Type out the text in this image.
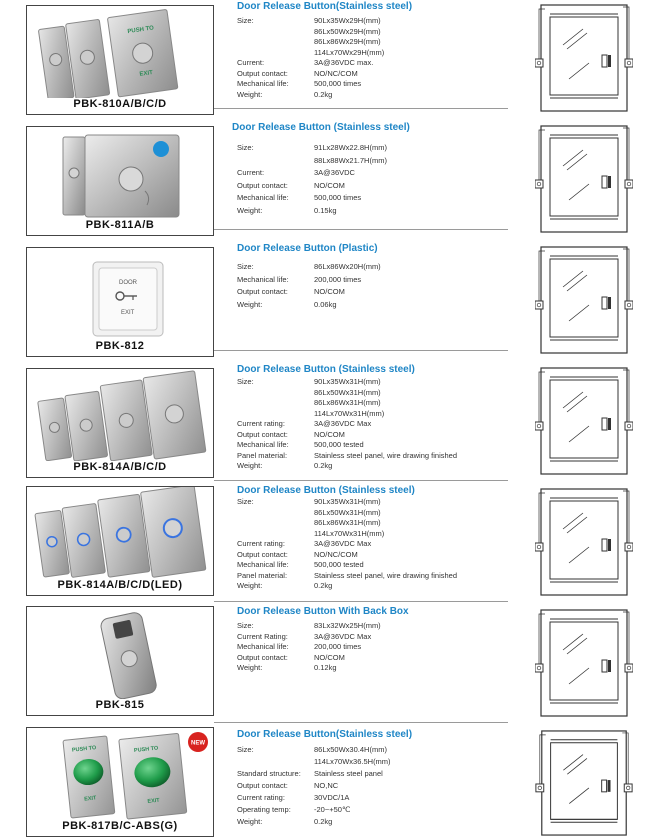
PUSH TO
EXIT
PBK-810A/B/C/D
Door Release Button(Stainless steel)
Size:	90Lx35Wx29H(mm)
86Lx50Wx29H(mm)
86Lx86Wx29H(mm)
114Lx70Wx29H(mm)
Current:	3A@36VDC max.
Output contact:	NO/NC/COM
Mechanical life:	500,000 times
Weight:	0.2kg
PBK-811A/B
Door Release Button (Stainless steel)
Size:	91Lx28Wx22.8H(mm)
88Lx88Wx21.7H(mm)
Current:	3A@36VDC
Output contact:	NO/COM
Mechanical life:	500,000 times
Weight:	0.15kg
DOOR
EXIT
PBK-812
Door Release Button (Plastic)
Size:	86Lx86Wx20H(mm)
Mechanical life:	200,000 times
Output contact:	NO/COM
Weight:	0.06kg
PBK-814A/B/C/D
Door Release Button (Stainless steel)
Size:	90Lx35Wx31H(mm)
86Lx50Wx31H(mm)
86Lx86Wx31H(mm)
114Lx70Wx31H(mm)
Current rating:	3A@36VDC Max
Output contact:	NO/COM
Mechanical life:	500,000 tested
Panel material:	Stainless steel panel, wire drawing finished
Weight:	0.2kg
PBK-814A/B/C/D(LED)
Door Release Button (Stainless steel)
Size:	90Lx35Wx31H(mm)
86Lx50Wx31H(mm)
86Lx86Wx31H(mm)
114Lx70Wx31H(mm)
Current rating:	3A@36VDC Max
Output contact:	NO/NC/COM
Mechanical life:	500,000 tested
Panel material:	Stainless steel panel, wire drawing finished
Weight:	0.2kg
PBK-815
Door Release Button With Back Box
Size:	83Lx32Wx25H(mm)
Current Rating:	3A@36VDC Max
Mechanical life:	200,000 times
Output contact:	NO/COM
Weight:	0.12kg
PUSH TO
EXIT
PUSH TO
EXIT
NEW
PBK-817B/C-ABS(G)
Door Release Button(Stainless steel)
Size:	86Lx50Wx30.4H(mm)
114Lx70Wx36.5H(mm)
Standard structure: Stainless steel panel
Output contact:	NO,NC
Current rating:	30VDC/1A
Operating temp:	-20~+50℃
Weight:	0.2kg
